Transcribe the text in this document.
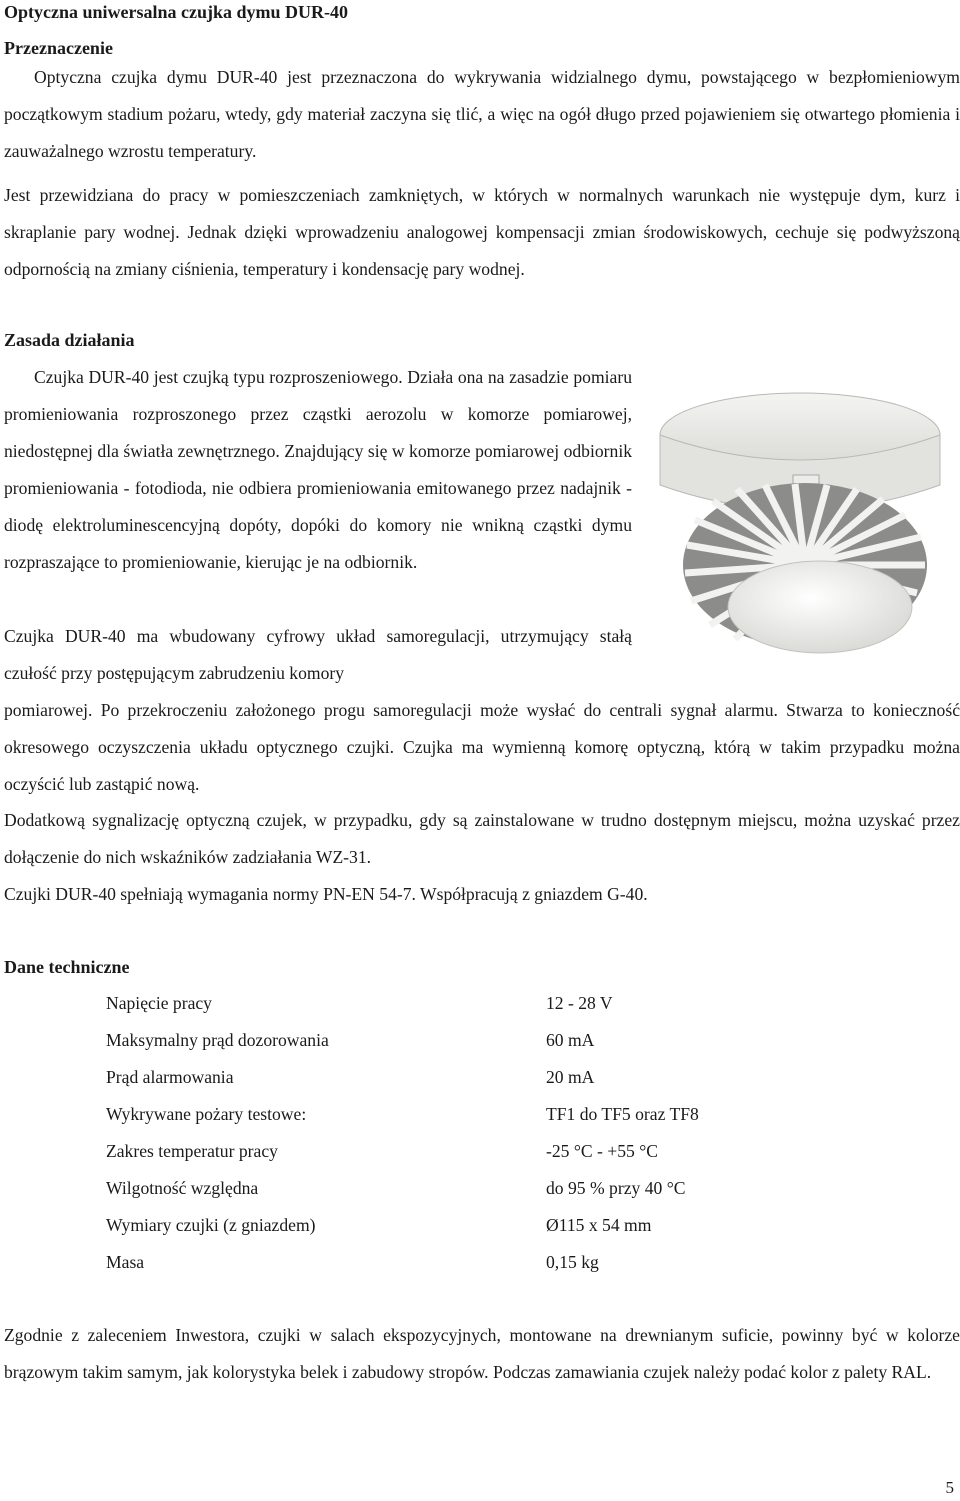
Optyczna uniwersalna czujka dymu DUR-40
Przeznaczenie

Optyczna czujka dymu DUR-40 jest przeznaczona do wykrywania widzialnego dymu, powstającego w bezpłomieniowym początkowym stadium pożaru, wtedy, gdy materiał zaczyna się tlić, a więc na ogół długo przed pojawieniem się otwartego płomienia i zauważalnego wzrostu temperatury.

Jest przewidziana do pracy w pomieszczeniach zamkniętych, w których w normalnych warunkach nie występuje dym, kurz i skraplanie pary wodnej. Jednak dzięki wprowadzeniu analogowej kompensacji zmian środowiskowych, cechuje się podwyższoną odpornością na zmiany ciśnienia, temperatury i kondensację pary wodnej.

Zasada działania

Czujka DUR-40 jest czujką typu rozproszeniowego. Działa ona na zasadzie pomiaru promieniowania rozproszonego przez cząstki aerozolu w komorze pomiarowej, niedostępnej dla światła zewnętrznego. Znajdujący się w komorze pomiarowej odbiornik promieniowania - fotodioda, nie odbiera promieniowania emitowanego przez nadajnik - diodę elektroluminescencyjną dopóty, dopóki do komory nie wnikną cząstki dymu rozpraszające to promieniowanie, kierując je na odbiornik.

Czujka DUR-40 ma wbudowany cyfrowy układ samoregulacji, utrzymujący stałą czułość przy postępującym zabrudzeniu komory

pomiarowej. Po przekroczeniu założonego progu samoregulacji może wysłać do centrali sygnał alarmu. Stwarza to konieczność okresowego oczyszczenia układu optycznego czujki. Czujka ma wymienną komorę optyczną, którą w takim przypadku można oczyścić lub zastąpić nową.

Dodatkową sygnalizację optyczną czujek, w przypadku, gdy są zainstalowane w trudno dostępnym miejscu, można uzyskać przez dołączenie do nich wskaźników zadziałania WZ-31.

Czujki DUR-40 spełniają wymagania normy PN-EN 54-7. Współpracują z gniazdem G-40.

Dane techniczne
Napięcie pracy	12 - 28 V
Maksymalny prąd dozorowania	60 mA
Prąd alarmowania	20 mA
Wykrywane pożary testowe:	TF1 do TF5 oraz TF8
Zakres temperatur pracy	-25 °C - +55 °C
Wilgotność względna	do 95 % przy 40 °C
Wymiary czujki (z gniazdem)	Ø115 x 54 mm
Masa	0,15 kg

Zgodnie z zaleceniem Inwestora, czujki w salach ekspozycyjnych, montowane na drewnianym suficie, powinny być w kolorze brązowym takim samym, jak kolorystyka belek i zabudowy stropów. Podczas zamawiania czujek należy podać kolor z palety RAL.

5
